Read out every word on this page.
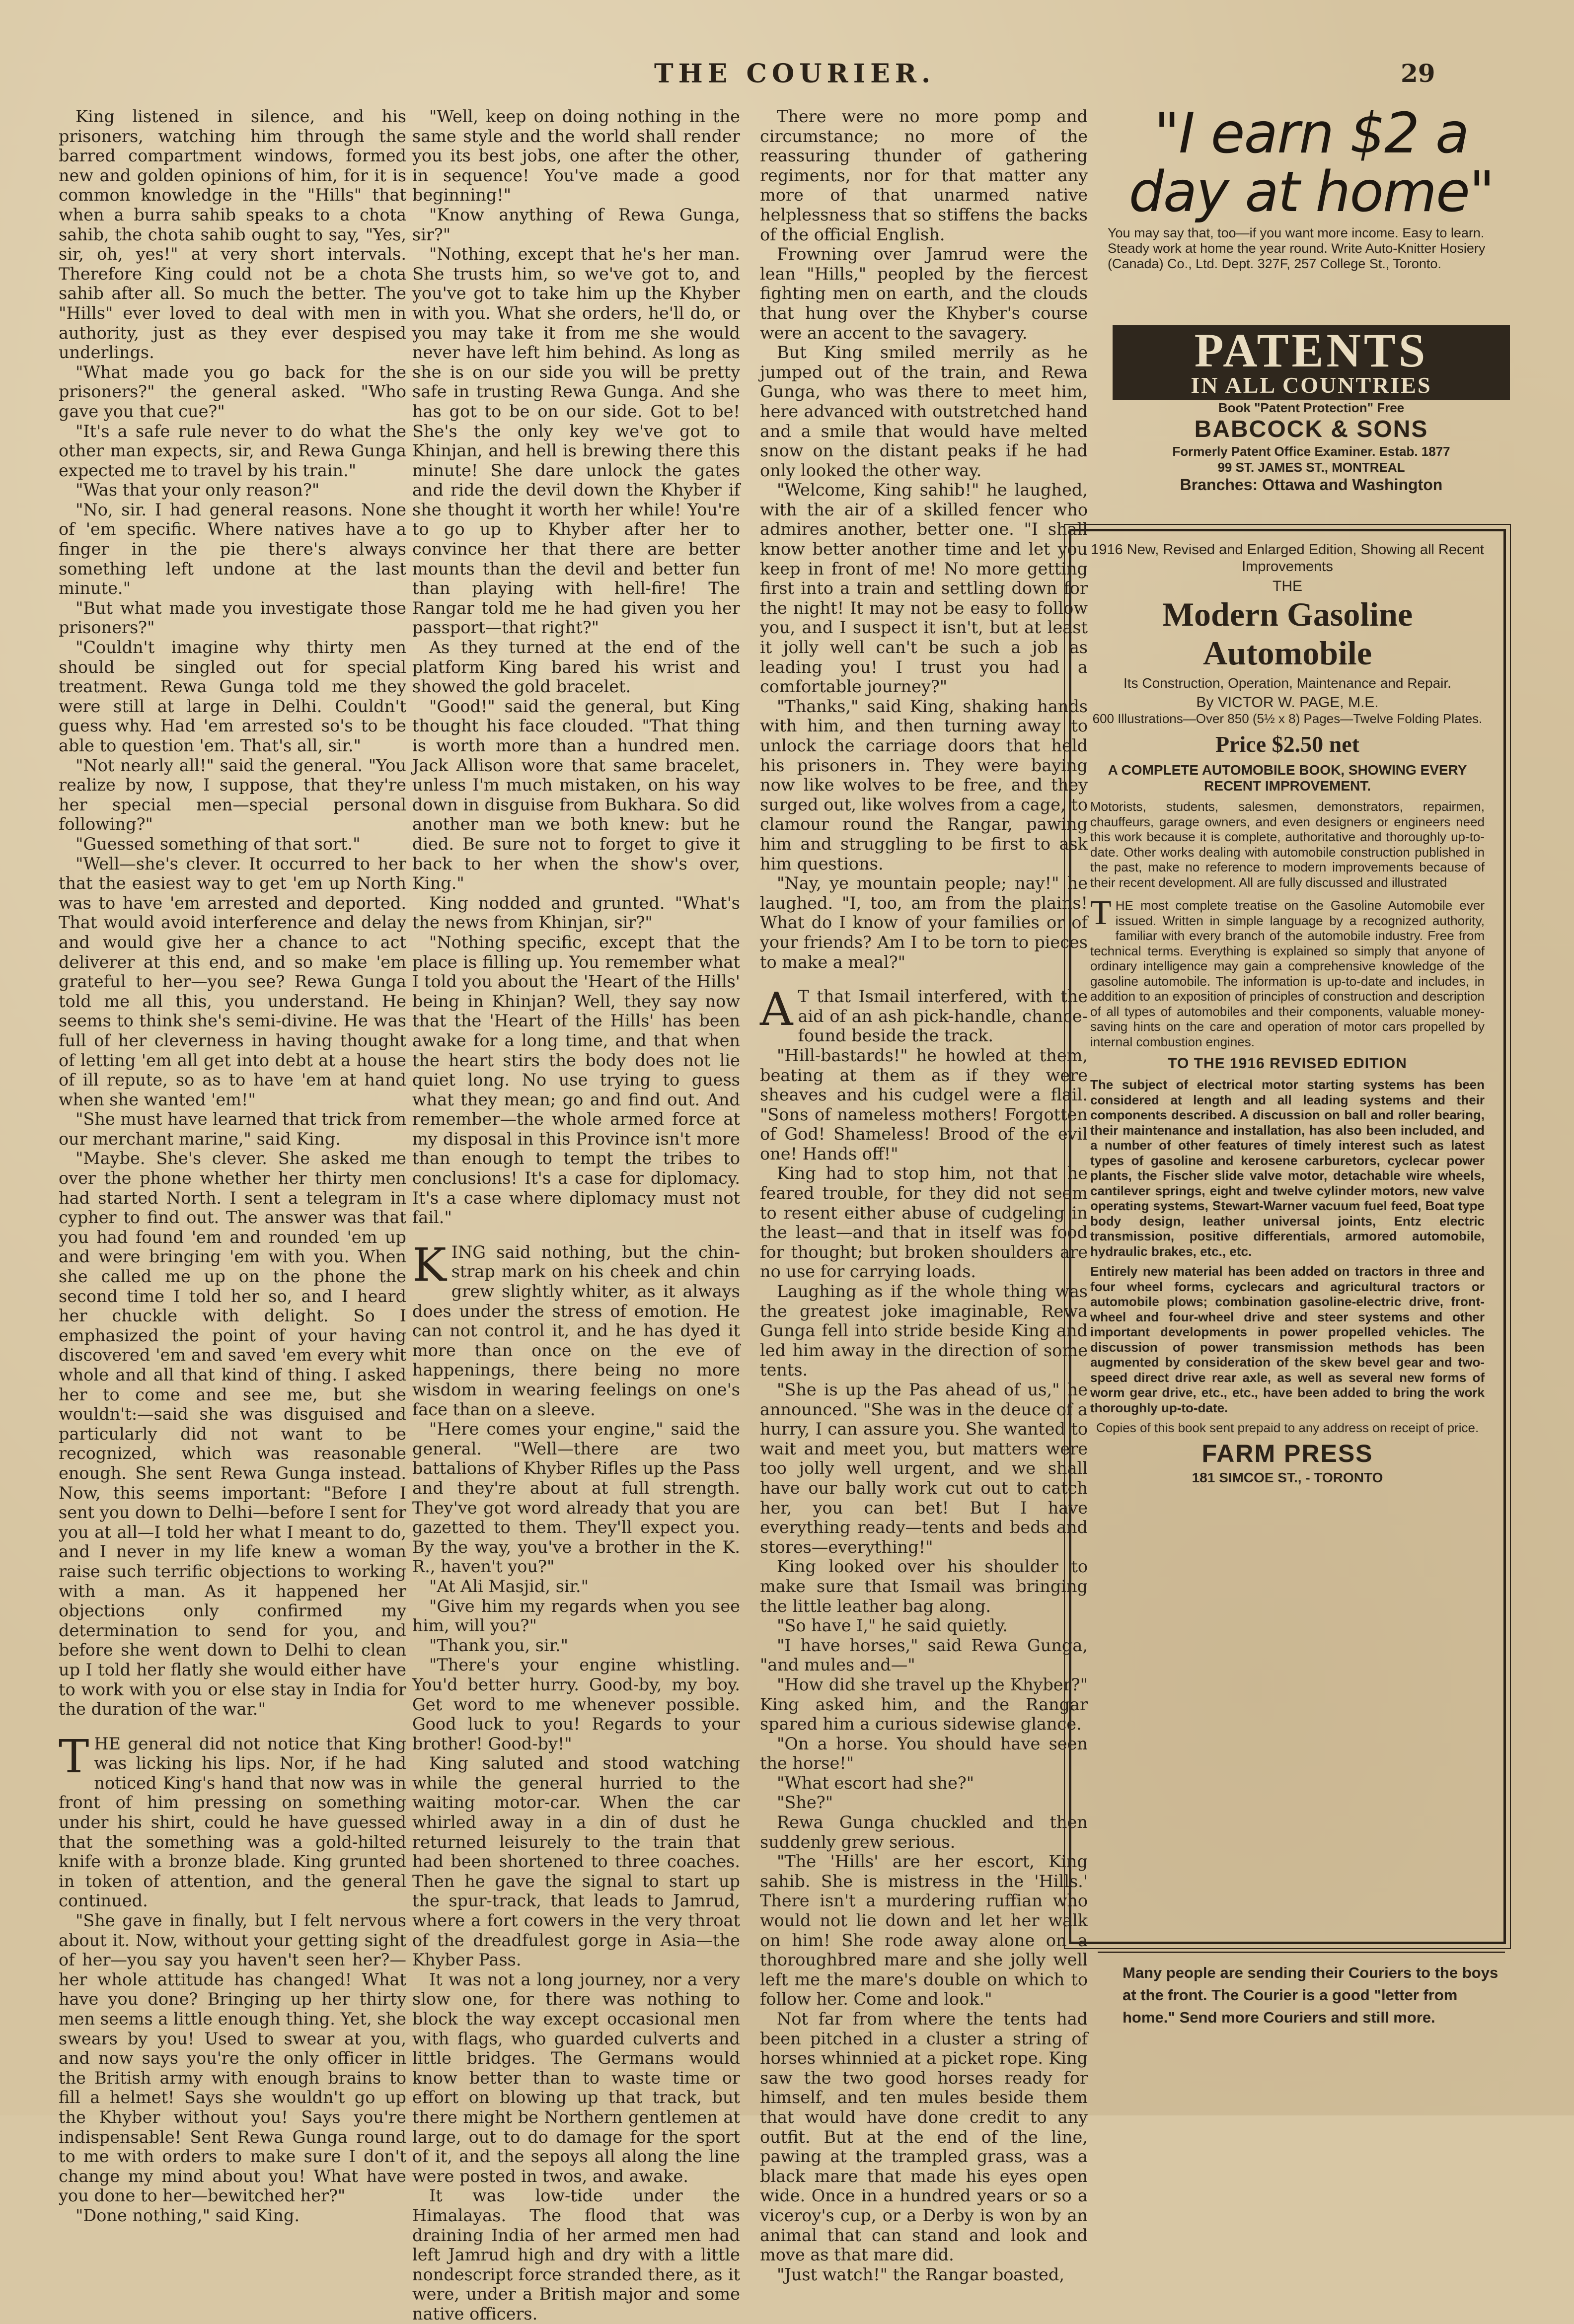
THE COURIER.	29

King listened in silence, and his prisoners, watching him through the barred compartment windows, formed new and golden opinions of him, for it is common knowledge in the "Hills" that when a burra sahib speaks to a chota sahib, the chota sahib ought to say, "Yes, sir, oh, yes!" at very short intervals. Therefore King could not be a chota sahib after all. So much the better. The "Hills" ever loved to deal with men in authority, just as they ever despised underlings.

"What made you go back for the prisoners?" the general asked. "Who gave you that cue?"

"It's a safe rule never to do what the other man expects, sir, and Rewa Gunga expected me to travel by his train."

"Was that your only reason?"

"No, sir. I had general reasons. None of 'em specific. Where natives have a finger in the pie there's always something left undone at the last minute."

"But what made you investigate those prisoners?"

"Couldn't imagine why thirty men should be singled out for special treatment. Rewa Gunga told me they were still at large in Delhi. Couldn't guess why. Had 'em arrested so's to be able to question 'em. That's all, sir."

"Not nearly all!" said the general. "You realize by now, I suppose, that they're her special men—special personal following?"

"Guessed something of that sort."

"Well—she's clever. It occurred to her that the easiest way to get 'em up North was to have 'em arrested and deported. That would avoid interference and delay and would give her a chance to act deliverer at this end, and so make 'em grateful to her—you see? Rewa Gunga told me all this, you understand. He seems to think she's semi-divine. He was full of her cleverness in having thought of letting 'em all get into debt at a house of ill repute, so as to have 'em at hand when she wanted 'em!"

"She must have learned that trick from our merchant marine," said King.

"Maybe. She's clever. She asked me over the phone whether her thirty men had started North. I sent a telegram in cypher to find out. The answer was that you had found 'em and rounded 'em up and were bringing 'em with you. When she called me up on the phone the second time I told her so, and I heard her chuckle with delight. So I emphasized the point of your having discovered 'em and saved 'em every whit whole and all that kind of thing. I asked her to come and see me, but she wouldn't:—said she was disguised and particularly did not want to be recognized, which was reasonable enough. She sent Rewa Gunga instead. Now, this seems important: "Before I sent you down to Delhi—before I sent for you at all—I told her what I meant to do, and I never in my life knew a woman raise such terrific objections to working with a man. As it happened her objections only confirmed my determination to send for you, and before she went down to Delhi to clean up I told her flatly she would either have to work with you or else stay in India for the duration of the war."

THE general did not notice that King was licking his lips. Nor, if he had noticed King's hand that now was in front of him pressing on something under his shirt, could he have guessed that the something was a gold-hilted knife with a bronze blade. King grunted in token of attention, and the general continued.

"She gave in finally, but I felt nervous about it. Now, without your getting sight of her—you say you haven't seen her?—her whole attitude has changed! What have you done? Bringing up her thirty men seems a little enough thing. Yet, she swears by you! Used to swear at you, and now says you're the only officer in the British army with enough brains to fill a helmet! Says she wouldn't go up the Khyber without you! Says you're indispensable! Sent Rewa Gunga round to me with orders to make sure I don't change my mind about you! What have you done to her—bewitched her?"

"Done nothing," said King.

"Well, keep on doing nothing in the same style and the world shall render you its best jobs, one after the other, in sequence! You've made a good beginning!"

"Know anything of Rewa Gunga, sir?"

"Nothing, except that he's her man. She trusts him, so we've got to, and you've got to take him up the Khyber with you. What she orders, he'll do, or you may take it from me she would never have left him behind. As long as she is on our side you will be pretty safe in trusting Rewa Gunga. And she has got to be on our side. Got to be! She's the only key we've got to Khinjan, and hell is brewing there this minute! She dare unlock the gates and ride the devil down the Khyber if she thought it worth her while! You're to go up to Khyber after her to convince her that there are better mounts than the devil and better fun than playing with hell-fire! The Rangar told me he had given you her passport—that right?"

As they turned at the end of the platform King bared his wrist and showed the gold bracelet.

"Good!" said the general, but King thought his face clouded. "That thing is worth more than a hundred men. Jack Allison wore that same bracelet, unless I'm much mistaken, on his way down in disguise from Bukhara. So did another man we both knew: but he died. Be sure not to forget to give it back to her when the show's over, King."

King nodded and grunted. "What's the news from Khinjan, sir?"

"Nothing specific, except that the place is filling up. You remember what I told you about the 'Heart of the Hills' being in Khinjan? Well, they say now that the 'Heart of the Hills' has been awake for a long time, and that when the heart stirs the body does not lie quiet long. No use trying to guess what they mean; go and find out. And remember—the whole armed force at my disposal in this Province isn't more than enough to tempt the tribes to conclusions! It's a case for diplomacy. It's a case where diplomacy must not fail."

KING said nothing, but the chin-strap mark on his cheek and chin grew slightly whiter, as it always does under the stress of emotion. He can not control it, and he has dyed it more than once on the eve of happenings, there being no more wisdom in wearing feelings on one's face than on a sleeve.

"Here comes your engine," said the general. "Well—there are two battalions of Khyber Rifles up the Pass and they're about at full strength. They've got word already that you are gazetted to them. They'll expect you. By the way, you've a brother in the K. R., haven't you?"

"At Ali Masjid, sir."

"Give him my regards when you see him, will you?"

"Thank you, sir."

"There's your engine whistling. You'd better hurry. Good-by, my boy. Get word to me whenever possible. Good luck to you! Regards to your brother! Good-by!"

King saluted and stood watching while the general hurried to the waiting motor-car. When the car whirled away in a din of dust he returned leisurely to the train that had been shortened to three coaches. Then he gave the signal to start up the spur-track, that leads to Jamrud, where a fort cowers in the very throat of the dreadfulest gorge in Asia—the Khyber Pass.

It was not a long journey, nor a very slow one, for there was nothing to block the way except occasional men with flags, who guarded culverts and little bridges. The Germans would know better than to waste time or effort on blowing up that track, but there might be Northern gentlemen at large, out to do damage for the sport of it, and the sepoys all along the line were posted in twos, and awake.

It was low-tide under the Himalayas. The flood that was draining India of her armed men had left Jamrud high and dry with a little nondescript force stranded there, as it were, under a British major and some native officers.

There were no more pomp and circumstance; no more of the reassuring thunder of gathering regiments, nor for that matter any more of that unarmed native helplessness that so stiffens the backs of the official English.

Frowning over Jamrud were the lean "Hills," peopled by the fiercest fighting men on earth, and the clouds that hung over the Khyber's course were an accent to the savagery.

But King smiled merrily as he jumped out of the train, and Rewa Gunga, who was there to meet him, here advanced with outstretched hand and a smile that would have melted snow on the distant peaks if he had only looked the other way.

"Welcome, King sahib!" he laughed, with the air of a skilled fencer who admires another, better one. "I shall know better another time and let you keep in front of me! No more getting first into a train and settling down for the night! It may not be easy to follow you, and I suspect it isn't, but at least it jolly well can't be such a job as leading you! I trust you had a comfortable journey?"

"Thanks," said King, shaking hands with him, and then turning away to unlock the carriage doors that held his prisoners in. They were baying now like wolves to be free, and they surged out, like wolves from a cage, to clamour round the Rangar, pawing him and struggling to be first to ask him questions.

"Nay, ye mountain people; nay!" he laughed. "I, too, am from the plains! What do I know of your families or of your friends? Am I to be torn to pieces to make a meal?"

A T that Ismail interfered, with the aid of an ash pick-handle, chance-found beside the track.

"Hill-bastards!" he howled at them, beating at them as if they were sheaves and his cudgel were a flail. "Sons of nameless mothers! Forgotten of God! Shameless! Brood of the evil one! Hands off!"

King had to stop him, not that he feared trouble, for they did not seem to resent either abuse of cudgeling in the least—and that in itself was food for thought; but broken shoulders are no use for carrying loads.

Laughing as if the whole thing was the greatest joke imaginable, Rewa Gunga fell into stride beside King and led him away in the direction of some tents.

"She is up the Pas ahead of us," he announced. "She was in the deuce of a hurry, I can assure you. She wanted to wait and meet you, but matters were too jolly well urgent, and we shall have our bally work cut out to catch her, you can bet! But I have everything ready—tents and beds and stores—everything!"

King looked over his shoulder to make sure that Ismail was bringing the little leather bag along.

"So have I," he said quietly.

"I have horses," said Rewa Gunga, "and mules and—"

"How did she travel up the Khyber?" King asked him, and the Rangar spared him a curious sidewise glance.

"On a horse. You should have seen the horse!"

"What escort had she?"

"She?"

Rewa Gunga chuckled and then suddenly grew serious.

"The 'Hills' are her escort, King sahib. She is mistress in the 'Hills.' There isn't a murdering ruffian who would not lie down and let her walk on him! She rode away alone on a thoroughbred mare and she jolly well left me the mare's double on which to follow her. Come and look."

Not far from where the tents had been pitched in a cluster a string of horses whinnied at a picket rope. King saw the two good horses ready for himself, and ten mules beside them that would have done credit to any outfit. But at the end of the line, pawing at the trampled grass, was a black mare that made his eyes open wide. Once in a hundred years or so a viceroy's cup, or a Derby is won by an animal that can stand and look and move as that mare did.

"Just watch!" the Rangar boasted,

"I earn $2 a
day at home"
You may say that, too—if you want more income. Easy to learn. Steady work at home the year round. Write Auto-Knitter Hosiery (Canada) Co., Ltd. Dept. 327F, 257 College St., Toronto.
PATENTS
IN ALL COUNTRIES
Book "Patent Protection" Free
BABCOCK & SONS
Formerly Patent Office Examiner. Estab. 1877
99 ST. JAMES ST., MONTREAL
Branches: Ottawa and Washington
1916 New, Revised and Enlarged Edition, Showing all Recent Improvements
THE
Modern Gasoline
Automobile
Its Construction, Operation, Maintenance and Repair.
By VICTOR W. PAGE, M.E.
600 Illustrations—Over 850 (5½ x 8) Pages—Twelve Folding Plates.
Price $2.50 net
A COMPLETE AUTOMOBILE BOOK, SHOWING EVERY RECENT IMPROVEMENT.
Motorists, students, salesmen, demonstrators, repairmen, chauffeurs, garage owners, and even designers or engineers need this work because it is complete, authoritative and thoroughly up-to-date. Other works dealing with automobile construction published in the past, make no reference to modern improvements because of their recent development. All are fully discussed and illustrated
THE most complete treatise on the Gasoline Automobile ever issued. Written in simple language by a recognized authority, familiar with every branch of the automobile industry. Free from technical terms. Everything is explained so simply that anyone of ordinary intelligence may gain a comprehensive knowledge of the gasoline automobile. The information is up-to-date and includes, in addition to an exposition of principles of construction and description of all types of automobiles and their components, valuable money-saving hints on the care and operation of motor cars propelled by internal combustion engines.
TO THE 1916 REVISED EDITION
The subject of electrical motor starting systems has been considered at length and all leading systems and their components described. A discussion on ball and roller bearing, their maintenance and installation, has also been included, and a number of other features of timely interest such as latest types of gasoline and kerosene carburetors, cyclecar power plants, the Fischer slide valve motor, detachable wire wheels, cantilever springs, eight and twelve cylinder motors, new valve operating systems, Stewart-Warner vacuum fuel feed, Boat type body design, leather universal joints, Entz electric transmission, positive differentials, armored automobile, hydraulic brakes, etc., etc.
Entirely new material has been added on tractors in three and four wheel forms, cyclecars and agricultural tractors or automobile plows; combination gasoline-electric drive, front-wheel and four-wheel drive and steer systems and other important developments in power propelled vehicles. The discussion of power transmission methods has been augmented by consideration of the skew bevel gear and two-speed direct drive rear axle, as well as several new forms of worm gear drive, etc., etc., have been added to bring the work thoroughly up-to-date.
Copies of this book sent prepaid to any address on receipt of price.
FARM PRESS
181 SIMCOE ST., - TORONTO
Many people are sending their Couriers to the boys at the front. The Courier is a good "letter from home." Send more Couriers and still more.
